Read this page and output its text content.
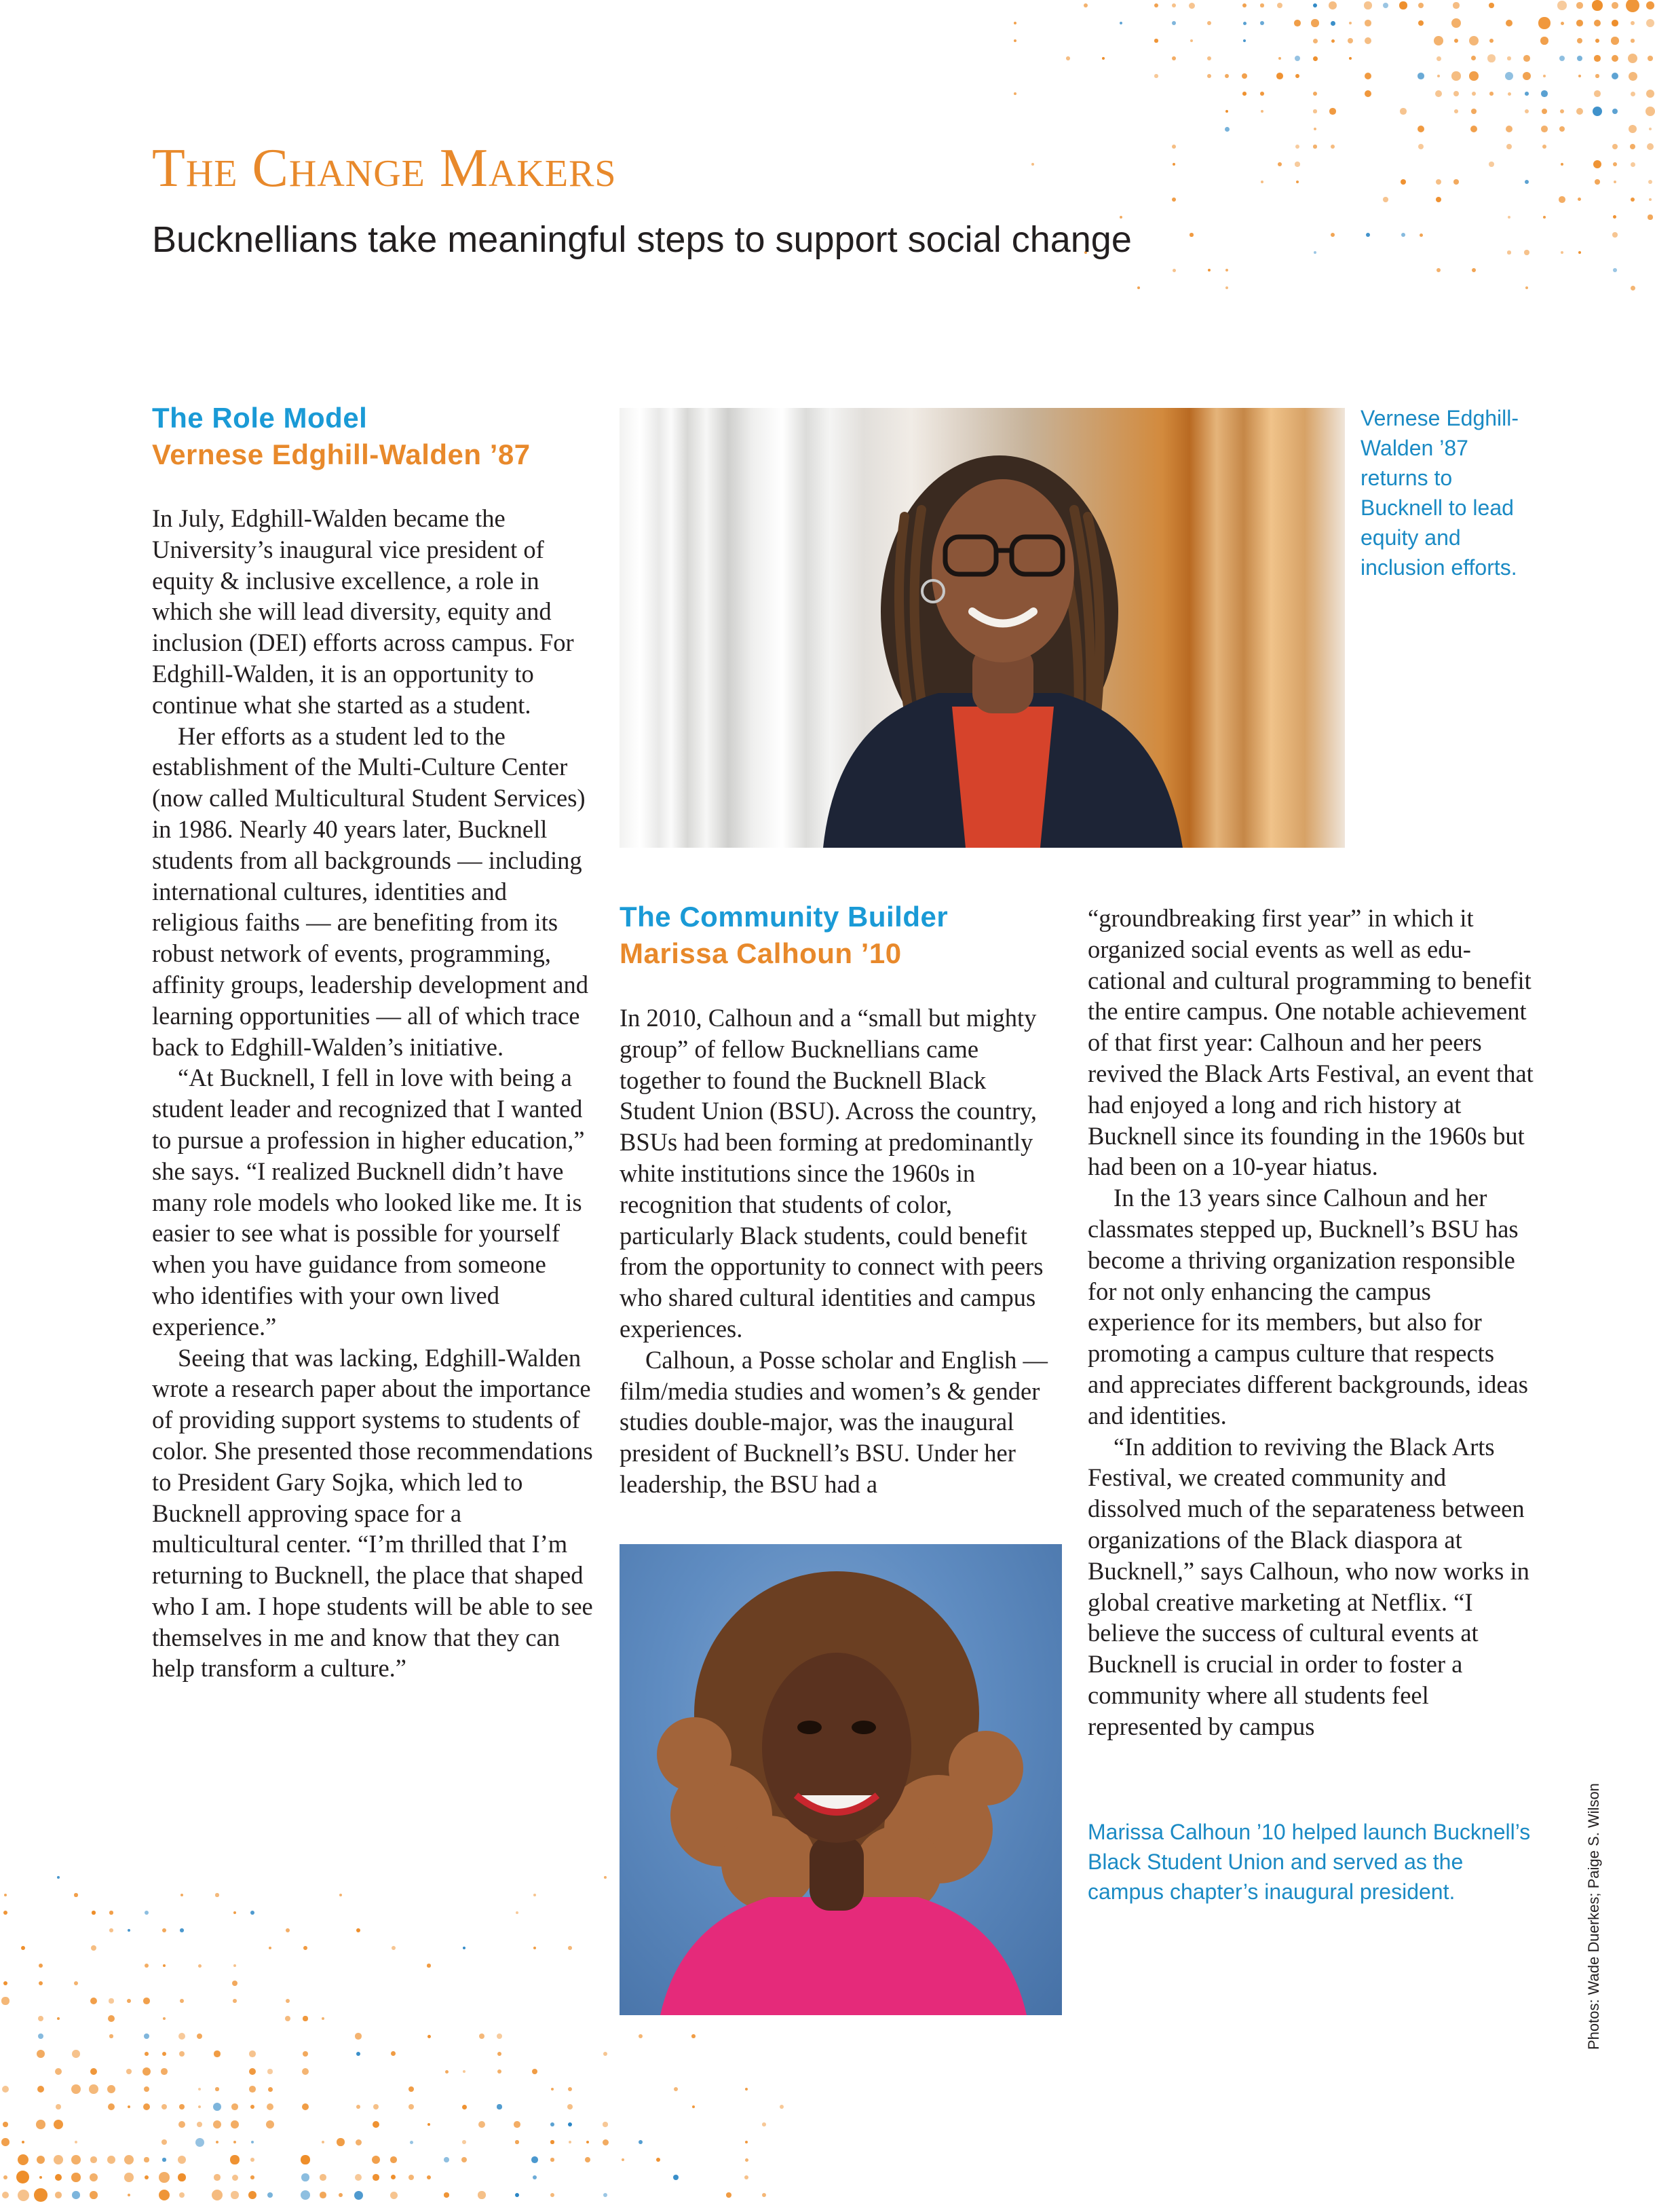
The Change Makers
Bucknellians take meaningful steps to support social change
The Role Model
Vernese Edghill-Walden ’87

In July, Edghill-Walden became the University’s inaugural vice president of equity & inclusive excellence, a role in which she will lead diversity, equity and inclusion (DEI) efforts across campus. For Edghill-Walden, it is an opportunity to continue what she started as a student.

Her efforts as a student led to the establishment of the Multi-Culture Center (now called Multicultural Student Services) in 1986. Nearly 40 years later, Bucknell students from all backgrounds — including international cultures, identities and religious faiths — are benefiting from its robust network of events, programming, affinity groups, leadership development and learning opportunities — all of which trace back to Edghill-Walden’s initiative.

“At Bucknell, I fell in love with being a student leader and recognized that I wanted to pursue a profession in higher education,” she says. “I realized Bucknell didn’t have many role models who looked like me. It is easier to see what is possible for yourself when you have guidance from someone who identifies with your own lived experience.”

Seeing that was lacking, Edghill-Walden wrote a research paper about the importance of providing support systems to students of color. She presented those recommendations to President Gary Sojka, which led to Bucknell approving space for a multicultural center. “I’m thrilled that I’m returning to Bucknell, the place that shaped who I am. I hope students will be able to see themselves in me and know that they can help transform a culture.”

Vernese Edghill-Walden ’87 returns to Bucknell to lead equity and inclusion efforts.

The Community Builder
Marissa Calhoun ’10

In 2010, Calhoun and a “small but mighty group” of fellow Bucknellians came together to found the Bucknell Black Student Union (BSU). Across the country, BSUs had been forming at predominantly white institutions since the 1960s in recognition that students of color, particularly Black students, could benefit from the opportunity to connect with peers who shared cultural identities and campus experiences.

Calhoun, a Posse scholar and English — film/media studies and women’s & gender studies double-major, was the inaugural president of Bucknell’s BSU. Under her leadership, the BSU had a

“groundbreaking first year” in which it organized social events as well as educational and cultural programming to benefit the entire campus. One notable achievement of that first year: Calhoun and her peers revived the Black Arts Festival, an event that had enjoyed a long and rich history at Bucknell since its founding in the 1960s but had been on a 10-year hiatus.

In the 13 years since Calhoun and her classmates stepped up, Bucknell’s BSU has become a thriving organization responsible for not only enhancing the campus experience for its members, but also for promoting a campus culture that respects and appreciates different backgrounds, ideas and identities.

“In addition to reviving the Black Arts Festival, we created community and dissolved much of the separateness between organizations of the Black diaspora at Bucknell,” says Calhoun, who now works in global creative marketing at Netflix. “I believe the success of cultural events at Bucknell is crucial in order to foster a community where all students feel represented by campus

Marissa Calhoun ’10 helped launch Bucknell’s Black Student Union and served as the campus chapter’s inaugural president.	Photos: Wade Duerkes; Paige S. Wilson
